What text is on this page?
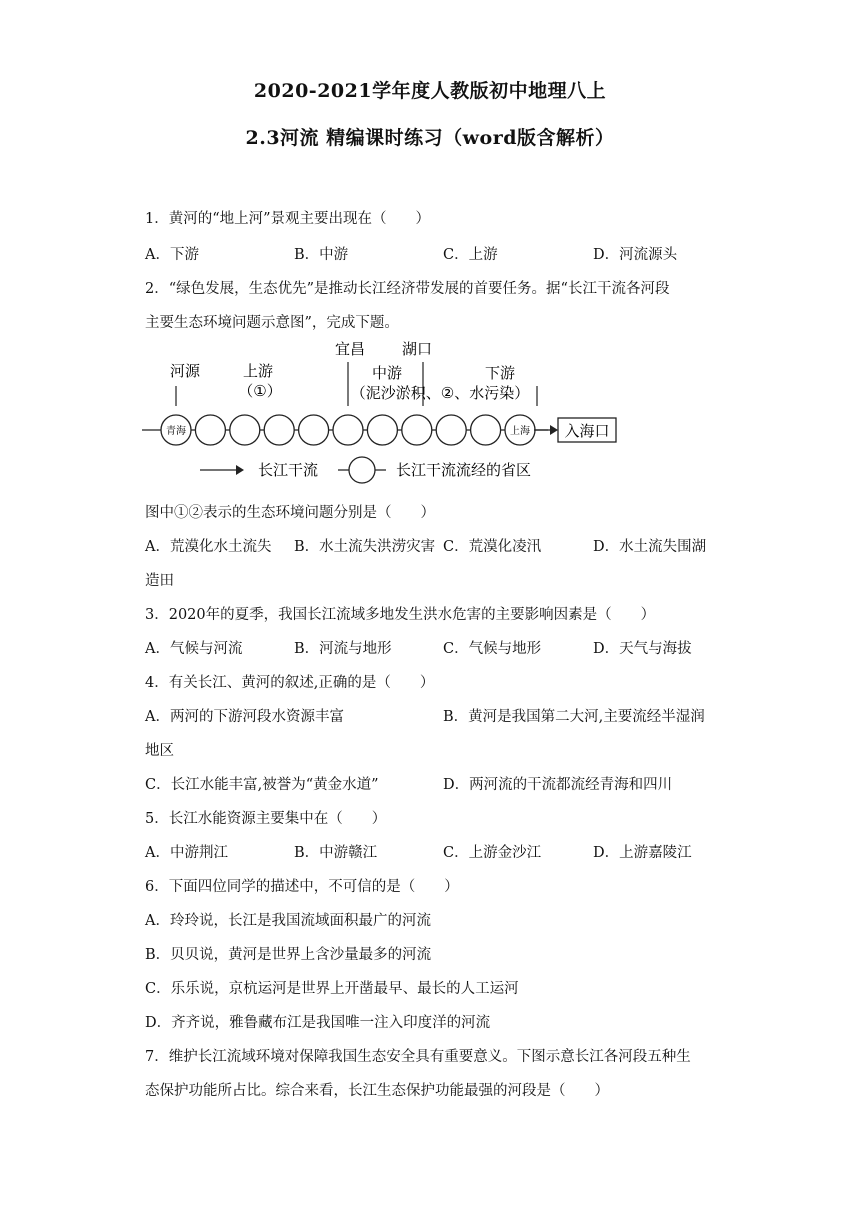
2020-2021学年度人教版初中地理八上
2.3河流 精编课时练习（word版含解析）
1．黄河的“地上河”景观主要出现在（　　）
A．下游	B．中游	C．上游	D．河流源头
2．“绿色发展，生态优先”是推动长江经济带发展的首要任务。据“长江干流各河段
主要生态环境问题示意图”，完成下题。
河源	上游
（①）
宜昌 湖口
中游
（泥沙淤积、②、水污染）
下游
青海	上海 入海口
长江干流	长江干流流经的省区
图中①②表示的生态环境问题分别是（　　）
A．荒漠化水土流失 B．水土流失洪涝灾害 C．荒漠化凌汛	D．水土流失围湖
造田
3．2020年的夏季，我国长江流域多地发生洪水危害的主要影响因素是（　　）
A．气候与河流	B．河流与地形	C．气候与地形	D．天气与海拔
4．有关长江、黄河的叙述,正确的是（　　）
A．两河的下游河段水资源丰富	B．黄河是我国第二大河,主要流经半湿润
地区
C．长江水能丰富,被誉为“黄金水道”	D．两河流的干流都流经青海和四川
5．长江水能资源主要集中在（　　）
A．中游荆江	B．中游赣江	C．上游金沙江	D．上游嘉陵江
6．下面四位同学的描述中，不可信的是（　　）
A．玲玲说，长江是我国流域面积最广的河流
B．贝贝说，黄河是世界上含沙量最多的河流
C．乐乐说，京杭运河是世界上开凿最早、最长的人工运河
D．齐齐说，雅鲁藏布江是我国唯一注入印度洋的河流
7．维护长江流域环境对保障我国生态安全具有重要意义。下图示意长江各河段五种生
态保护功能所占比。综合来看，长江生态保护功能最强的河段是（　　）
